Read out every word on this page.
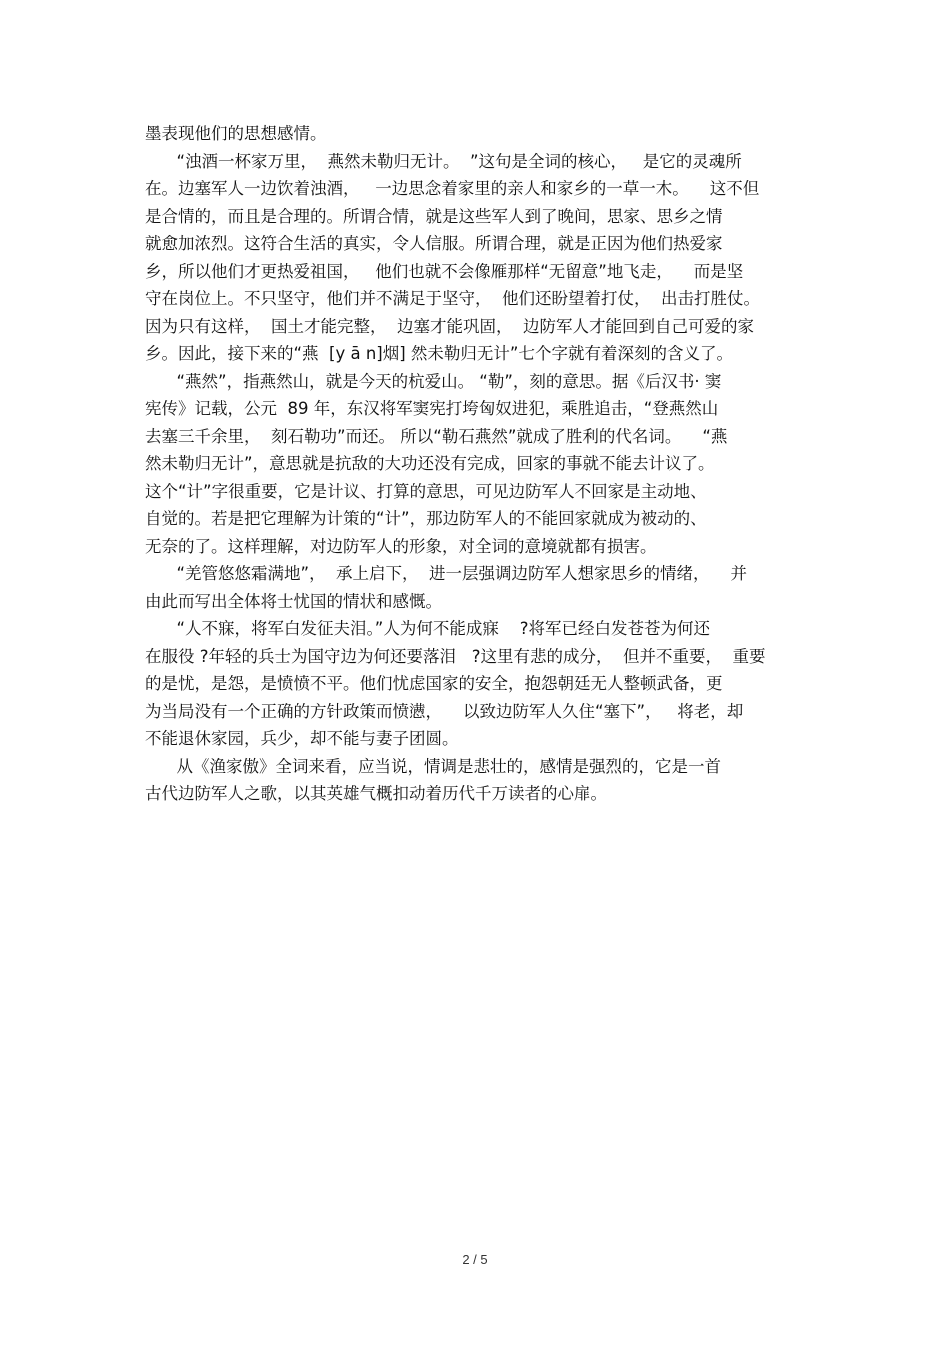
墨表现他们的思想感情。
“浊酒一杯家万里，  燕然未勒归无计。  ”这句是全词的核心，   是它的灵魂所
在。边塞军人一边饮着浊酒，   一边思念着家里的亲人和家乡的一草一木。    这不但
是合情的，而且是合理的。所谓合情，就是这些军人到了晚间，思家、思乡之情
就愈加浓烈。这符合生活的真实，令人信服。所谓合理，就是正因为他们热爱家
乡，所以他们才更热爱祖国，   他们也就不会像雁那样“无留意”地飞走，    而是坚
守在岗位上。不只坚守，他们并不满足于坚守，  他们还盼望着打仗，  出击打胜仗。
因为只有这样，  国土才能完整，  边塞才能巩固，  边防军人才能回到自己可爱的家
乡。因此，接下来的“燕  [y ā n]烟] 然未勒归无计”七个字就有着深刻的含义了。
“燕然”，指燕然山，就是今天的杭爱山。 “勒”，刻的意思。据《后汉书· 窦
宪传》记载，公元  89 年，东汉将军窦宪打垮匈奴进犯，乘胜追击，“登燕然山
去塞三千余里，  刻石勒功”而还。 所以“勒石燕然”就成了胜利的代名词。    “燕
然未勒归无计”，意思就是抗敌的大功还没有完成，回家的事就不能去计议了。
这个“计”字很重要，它是计议、打算的意思，可见边防军人不回家是主动地、
自觉的。若是把它理解为计策的“计”，那边防军人的不能回家就成为被动的、
无奈的了。这样理解，对边防军人的形象，对全词的意境就都有损害。
“羌管悠悠霜满地”，  承上启下，  进一层强调边防军人想家思乡的情绪，    并
由此而写出全体将士忧国的情状和感慨。
“人不寐，将军白发征夫泪。”人为何不能成寐    ?将军已经白发苍苍为何还
在服役 ?年轻的兵士为国守边为何还要落泪   ?这里有悲的成分，  但并不重要，  重要
的是忧，是怨，是愤愤不平。他们忧虑国家的安全，抱怨朝廷无人整顿武备，更
为当局没有一个正确的方针政策而愤懑，    以致边防军人久住“塞下”，   将老，却
不能退休家园，兵少，却不能与妻子团圆。
从《渔家傲》全词来看，应当说，情调是悲壮的，感情是强烈的，它是一首
古代边防军人之歌，以其英雄气概扣动着历代千万读者的心扉。
2 / 5
